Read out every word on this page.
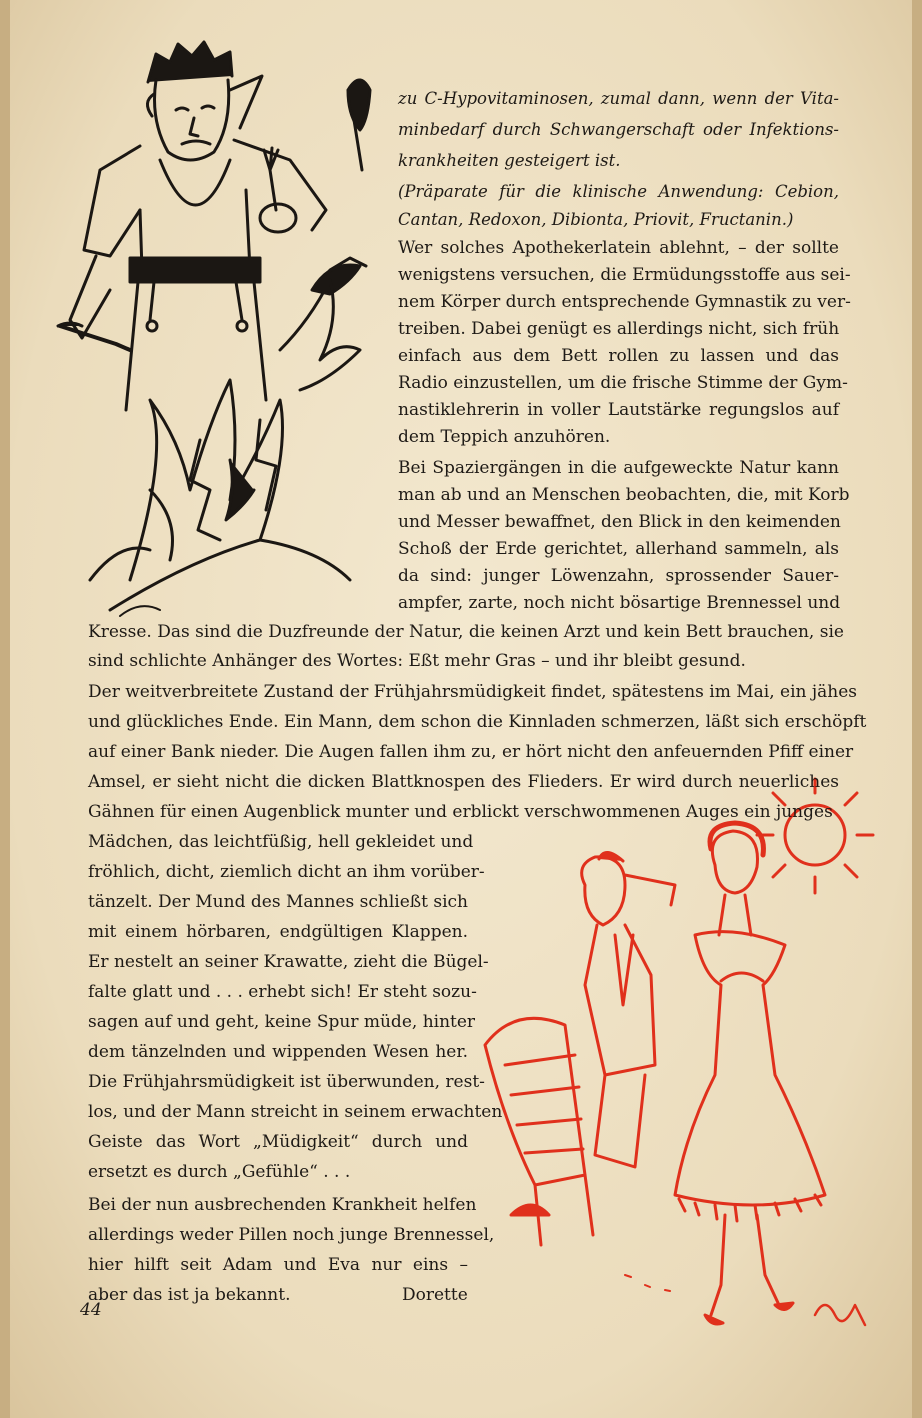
zu C-Hypovitaminosen, zumal dann, wenn der Vita-

minbedarf durch Schwangerschaft oder Infektions-

krankheiten gesteigert ist.

(Präparate für die klinische Anwendung: Cebion,

Cantan, Redoxon, Dibionta, Priovit, Fructanin.)

Wer solches Apothekerlatein ablehnt, – der sollte

wenigstens versuchen, die Ermüdungsstoffe aus sei-

nem Körper durch entsprechende Gymnastik zu ver-

treiben. Dabei genügt es allerdings nicht, sich früh

einfach aus dem Bett rollen zu lassen und das

Radio einzustellen, um die frische Stimme der Gym-

nastiklehrerin in voller Lautstärke regungslos auf

dem Teppich anzuhören.

Bei Spaziergängen in die aufgeweckte Natur kann

man ab und an Menschen beobachten, die, mit Korb

und Messer bewaffnet, den Blick in den keimenden

Schoß der Erde gerichtet, allerhand sammeln, als

da sind: junger Löwenzahn, sprossender Sauer-

ampfer, zarte, noch nicht bösartige Brennessel und

Kresse. Das sind die Duzfreunde der Natur, die keinen Arzt und kein Bett brauchen, sie

sind schlichte Anhänger des Wortes: Eßt mehr Gras – und ihr bleibt gesund.

Der weitverbreitete Zustand der Frühjahrsmüdigkeit findet, spätestens im Mai, ein jähes

und glückliches Ende. Ein Mann, dem schon die Kinnladen schmerzen, läßt sich erschöpft

auf einer Bank nieder. Die Augen fallen ihm zu, er hört nicht den anfeuernden Pfiff einer

Amsel, er sieht nicht die dicken Blattknospen des Flieders. Er wird durch neuerliches

Gähnen für einen Augenblick munter und erblickt verschwommenen Auges ein junges

Mädchen, das leichtfüßig, hell gekleidet und

fröhlich, dicht, ziemlich dicht an ihm vorüber-

tänzelt. Der Mund des Mannes schließt sich

mit einem hörbaren, endgültigen Klappen.

Er nestelt an seiner Krawatte, zieht die Bügel-

falte glatt und . . . erhebt sich! Er steht sozu-

sagen auf und geht, keine Spur müde, hinter

dem tänzelnden und wippenden Wesen her.

Die Frühjahrsmüdigkeit ist überwunden, rest-

los, und der Mann streicht in seinem erwachten

Geiste das Wort „Müdigkeit“ durch und

ersetzt es durch „Gefühle“ . . .

Bei der nun ausbrechenden Krankheit helfen

allerdings weder Pillen noch junge Brennessel,

hier hilft seit Adam und Eva nur eins –

aber das ist ja bekannt.	Dorette
44
